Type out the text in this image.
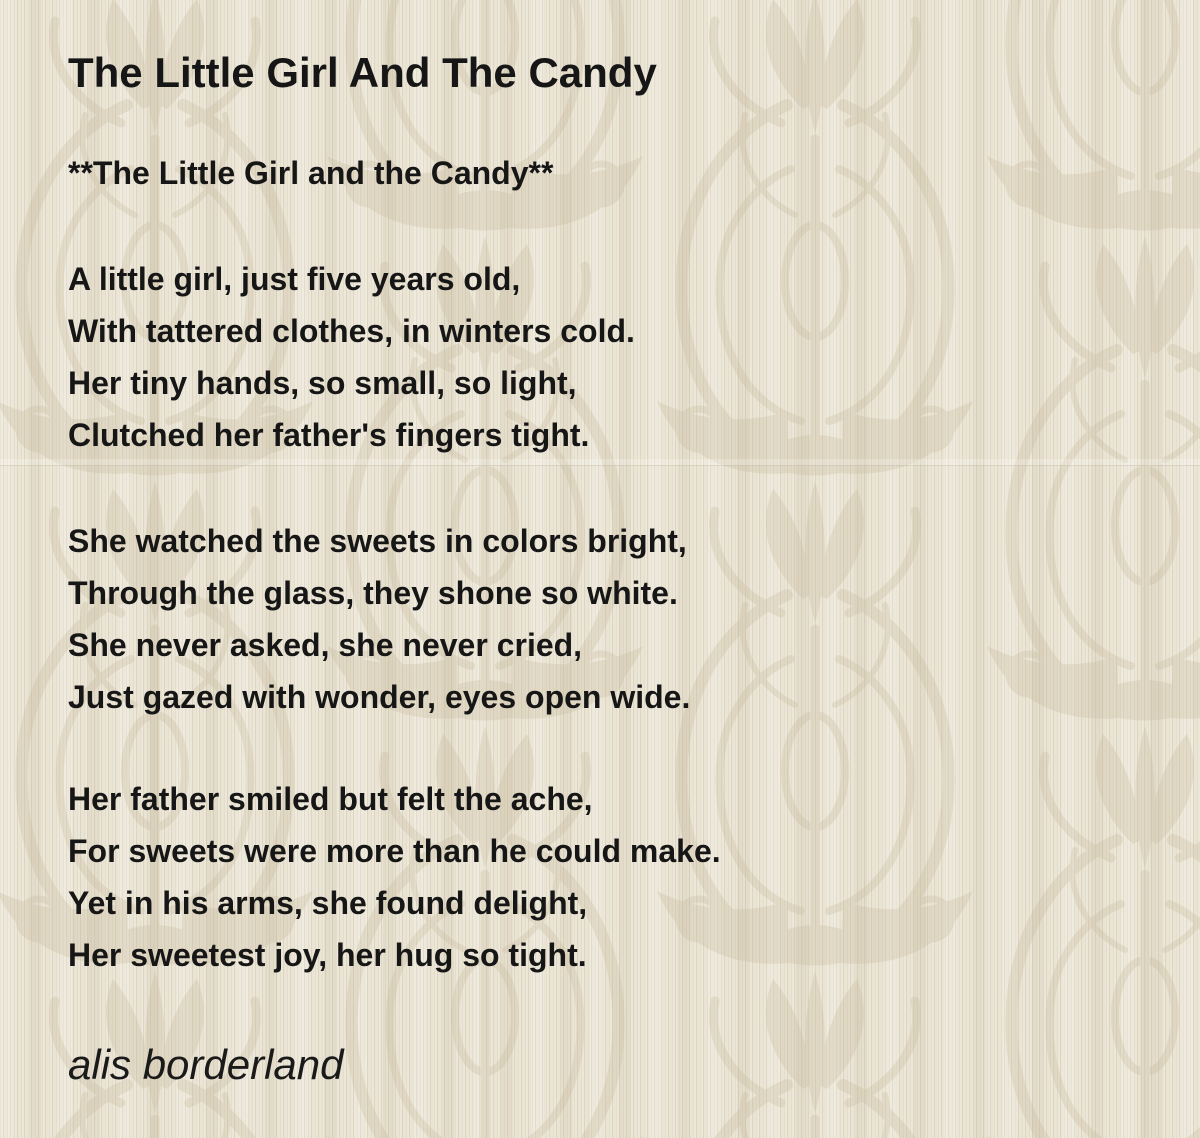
The Little Girl And The Candy

**The Little Girl and the Candy**

A little girl, just five years old,
With tattered clothes, in winters cold.
Her tiny hands, so small, so light,
Clutched her father's fingers tight.

She watched the sweets in colors bright,
Through the glass, they shone so white.
She never asked, she never cried,
Just gazed with wonder, eyes open wide.

Her father smiled but felt the ache,
For sweets were more than he could make.
Yet in his arms, she found delight,
Her sweetest joy, her hug so tight.

alis borderland
